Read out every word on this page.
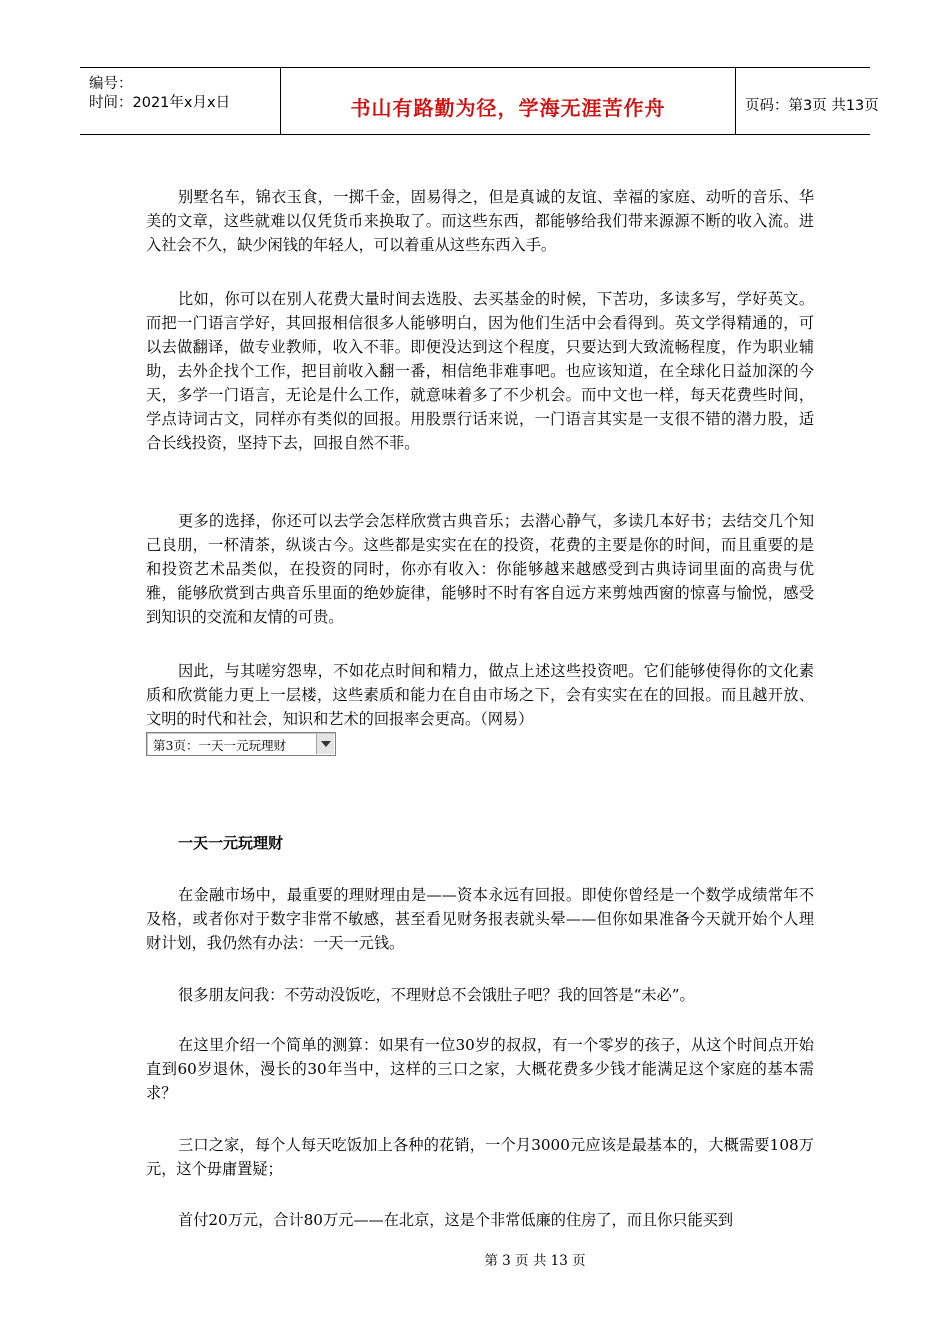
编号：
时间：2021年x月x日	书山有路勤为径，学海无涯苦作舟	页码：第3页 共13页

别墅名车，锦衣玉食，一掷千金，固易得之，但是真诚的友谊、幸福的家庭、动听的音乐、华美的文章，这些就难以仅凭货币来换取了。而这些东西，都能够给我们带来源源不断的收入流。进入社会不久，缺少闲钱的年轻人，可以着重从这些东西入手。

比如，你可以在别人花费大量时间去选股、去买基金的时候，下苦功，多读多写，学好英文。而把一门语言学好，其回报相信很多人能够明白，因为他们生活中会看得到。英文学得精通的，可以去做翻译，做专业教师，收入不菲。即便没达到这个程度，只要达到大致流畅程度，作为职业辅助，去外企找个工作，把目前收入翻一番，相信绝非难事吧。也应该知道，在全球化日益加深的今天，多学一门语言，无论是什么工作，就意味着多了不少机会。而中文也一样，每天花费些时间，学点诗词古文，同样亦有类似的回报。用股票行话来说，一门语言其实是一支很不错的潜力股，适合长线投资，坚持下去，回报自然不菲。

更多的选择，你还可以去学会怎样欣赏古典音乐；去潜心静气，多读几本好书；去结交几个知己良朋，一杯清茶，纵谈古今。这些都是实实在在的投资，花费的主要是你的时间，而且重要的是和投资艺术品类似，在投资的同时，你亦有收入：你能够越来越感受到古典诗词里面的高贵与优雅，能够欣赏到古典音乐里面的绝妙旋律，能够时不时有客自远方来剪烛西窗的惊喜与愉悦，感受到知识的交流和友情的可贵。

因此，与其嗟穷怨卑，不如花点时间和精力，做点上述这些投资吧。它们能够使得你的文化素质和欣赏能力更上一层楼，这些素质和能力在自由市场之下，会有实实在在的回报。而且越开放、文明的时代和社会，知识和艺术的回报率会更高。（网易）

第3页：一天一元玩理财
一天一元玩理财

在金融市场中，最重要的理财理由是——资本永远有回报。即使你曾经是一个数学成绩常年不及格，或者你对于数字非常不敏感，甚至看见财务报表就头晕——但你如果准备今天就开始个人理财计划，我仍然有办法：一天一元钱。

很多朋友问我：不劳动没饭吃，不理财总不会饿肚子吧？我的回答是“未必”。

在这里介绍一个简单的测算：如果有一位30岁的叔叔，有一个零岁的孩子，从这个时间点开始直到60岁退休，漫长的30年当中，这样的三口之家，大概花费多少钱才能满足这个家庭的基本需求？

三口之家，每个人每天吃饭加上各种的花销，一个月3000元应该是最基本的，大概需要108万元，这个毋庸置疑；

首付20万元，合计80万元——在北京，这是个非常低廉的住房了，而且你只能买到

第 3 页 共 13 页
